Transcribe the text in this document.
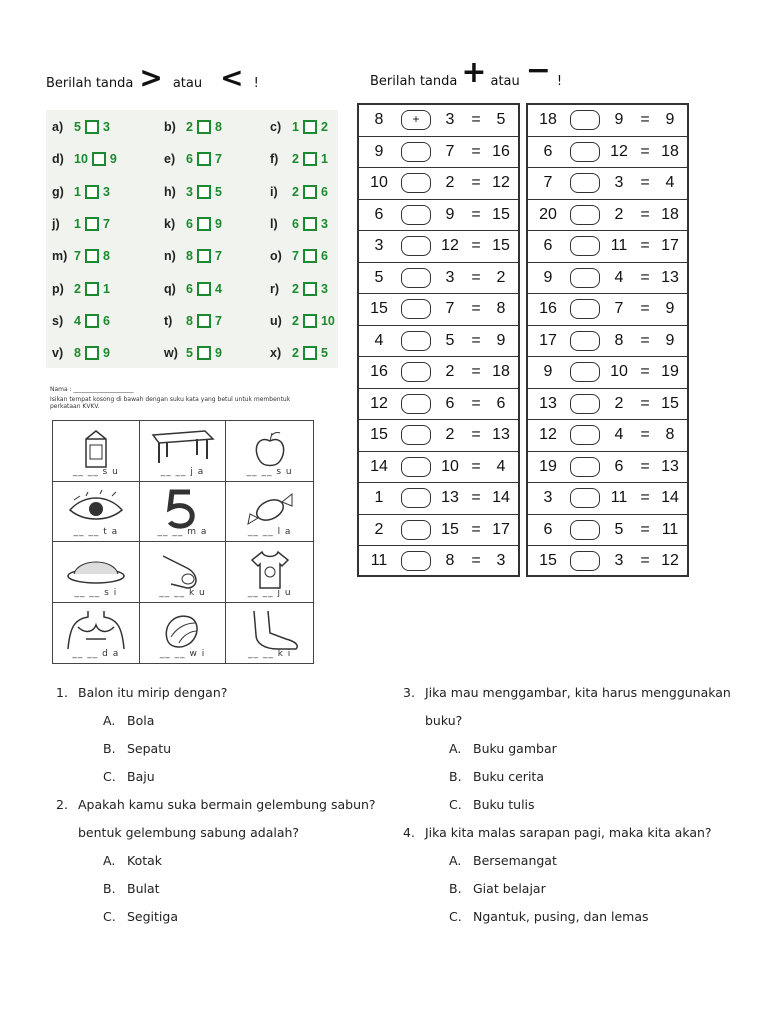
Berilah tanda > atau < !	Berilah tanda + atau − !
a) 5 3	b) 2 8	c) 1 2
d) 10 9	e) 6 7	f)	2 1
g) 1 3	h) 3 5	i)	2 6
j)	1 7	k) 6 9	l)	6 3
m) 7 8	n) 8 7	o) 7 6
p) 2 1	q) 6 4	r)	2 3
s) 4 6	t)	8 7	u) 2 10
v) 8 9	w) 5 9	x) 2 5
Nama : ____________________
Isikan tempat kosong di bawah dengan suku kata yang betul untuk membentuk perkataan KVKV.
__ __ s u	__ __ j a	__ __ s u
__ __ t a	__ __ m a	__ __ l a
__ __ s i	__ __ k u	__ __ j u
__ __ d a	__ __ w i	__ __ k i
8	+	3	= 5
9	7	= 16
10	2	= 12
6	9	= 15
3	12 = 15
5	3	= 2
15	7	= 8
4	5	= 9
16	2	= 18
12	6	= 6
15	2	= 13
14	10 = 4
1	13 = 14
2	15 = 17
11	8	= 3
18	9	= 9
6	12 = 18
7	3	= 4
20	2	= 18
6	11 = 17
9	4	= 13
16	7	= 9
17	8	= 9
9	10 = 19
13	2	= 15
12	4	= 8
19	6	= 13
3	11 = 14
6	5	= 11
15	3	= 12
1. Balon itu mirip dengan?
A. Bola
B. Sepatu
C. Baju
2. Apakah kamu suka bermain gelembung sabun?
bentuk gelembung sabung adalah?
A. Kotak
B. Bulat
C. Segitiga
3. Jika mau menggambar, kita harus menggunakan
buku?
A. Buku gambar
B. Buku cerita
C. Buku tulis
4. Jika kita malas sarapan pagi, maka kita akan?
A. Bersemangat
B. Giat belajar
C. Ngantuk, pusing, dan lemas
